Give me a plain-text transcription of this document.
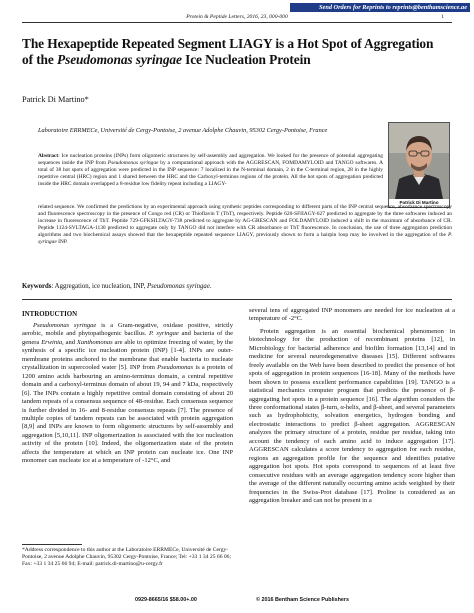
Send Orders for Reprints to reprints@benthamscience.ae
Protein & Peptide Letters, 2016, 23, 000-000	1
The Hexapeptide Repeated Segment LIAGY is a Hot Spot of Aggregation
of the Pseudomonas syringae Ice Nucleation Protein
Patrick Di Martino*
Laboratoire ERRMECe, Université de Cergy-Pontoise, 2 avenue Adolphe Chauvin, 95302 Cergy-Pontoise, France
Patrick Di Martino
Abstract: Ice nucleation proteins (INPs) form oligomeric structures by self-assembly and aggregation. We looked for the presence of potential aggregating sequences inside the INP from Pseudomonas syringae by a computational approach with the AGGRESCAN, FOMDAMYLOID and TANGO softwares. A total of 38 hot spots of aggregation were predicted in the INP sequence: 7 localized in the N-terminal domain, 2 in the C-terminal region, 28 in the highly repetitive central (HRC) region and 1 shared between the HRC and the Carboxyl-terminus regions of the protein. All the hot spots of aggregation predicted inside the HRC domain overlapped a 8-residue low fidelity repeat including a LIAGY-
related sequence. We confirmed the predictions by an experimental approach using synthetic peptides corresponding to different parts of the INP central sequence, absorbance spectroscopy and fluorescence spectroscopy in the presence of Congo red (CR) or Thioflavin T (ThT), respectively. Peptide 620-SFIIAGY-627 predicted to aggregate by the three softwares induced an increase in fluorescence of ThT. Peptide 729-GFKSILTAGY-738 predicted to aggregate by AG-GRESCAN and FOLDAMYLOID induced a shift in the maximum of absorbance of CR. Peptide 1124-SVLTAGA-1130 predicted to aggregate only by TANGO did not interfere with CR absorbance or ThT fluorescence. In conclusion, the use of three aggregation prediction algorithms and two biochemical assays showed that the hexapeptide repeated sequence LIAGY, previously shown to form a hairpin loop may be involved in the aggregation of the P. syringae INP.
Keywords: Aggregation, ice nucleation, INP, Pseudomonas syringae.
INTRODUCTION
Pseudomonas syringae is a Gram-negative, oxidase positive, strictly aerobic, mobile and phytopathogenic bacillus. P. syringae and bacteria of the genera Erwinia, and Xanthomonas are able to optimize freezing of water, by the synthesis of a specific ice nucleation protein (INP) [1-4]. INPs are outer-membrane proteins anchored to the membrane that enable bacteria to nucleate crystallization in supercooled water [5]. INP from Pseudomonas is a protein of 1200 amino acids harbouring an amino-terminus domain, a central repetitive domain and a carboxyl-terminus domain of about 19, 94 and 7 kDa, respectively [6]. The INPs contain a highly repetitive central domain consisting of about 20 tandem repeats of a consensus sequence of 48-residue. Each consensus sequence is further divided in 16- and 8-residue consensus repeats [7]. The presence of multiple copies of tandem repeats can be associated with protein aggregation [8,9] and INPs are known to form oligomeric structures by self-assembly and aggregation [5,10,11]. INP oligomerization is associated with the ice nucleation activity of the protein [10]. Indeed, the oligomerization state of the protein affects the temperature at which an INP protein can nucleate ice. One INP monomer can nucleate ice at a temperature of -12°C, and

several tens of aggregated INP monomers are needed for ice nucleation at a temperature of -2°C.

Protein aggregation is an essential biochemical phenomenon in biotechnology for the production of recombinant proteins [12], in Microbiology for bacterial adherence and biofilm formation [13,14] and in medicine for several neurodegenerative diseases [15]. Different softwares freely available on the Web have been described to predict the presence of hot spots of aggregation in protein sequences [16-18]. Many of the methods have been shown to possess excellent performance capabilities [19]. TANGO is a statistical mechanics computer program that predicts the presence of β-aggregating hot spots in a protein sequence [16]. The algorithm considers the three conformational states β-turn, α-helix, and β-sheet, and several parameters such as hydrophobicity, solvation energetics, hydrogen bonding and electrostatic interactions to predict β-sheet aggregation. AGGRESCAN analyzes the primary structure of a protein, residue per residue, taking into account the tendency of each amino acid to induce aggregation [17]. AGGRESCAN calculates a score tendency to aggregation for each residue, regions an aggregation profile for the sequence and identifies putative aggregation hot spots. Hot spots correspond to sequences of at least five consecutive residues with an average aggregation tendency score higher than the average of the different naturally occurring amino acids weighted by their frequencies in the Swiss-Prot database [17]. Proline is considered as an aggregation breaker and can not be present in a

*Address correspondence to this author at the Laboratoire ERRMECe, Université de Cergy-Pontoise, 2 avenue Adolphe Chauvin, 95302 Cergy-Pontoise, France; Tel: +33 1 34 25 66 06; Fax: +33 1 34 25 66 94; E-mail: patrick.di-martino@u-cergy.fr
0929-8665/16 $58.00+.00	© 2016 Bentham Science Publishers
